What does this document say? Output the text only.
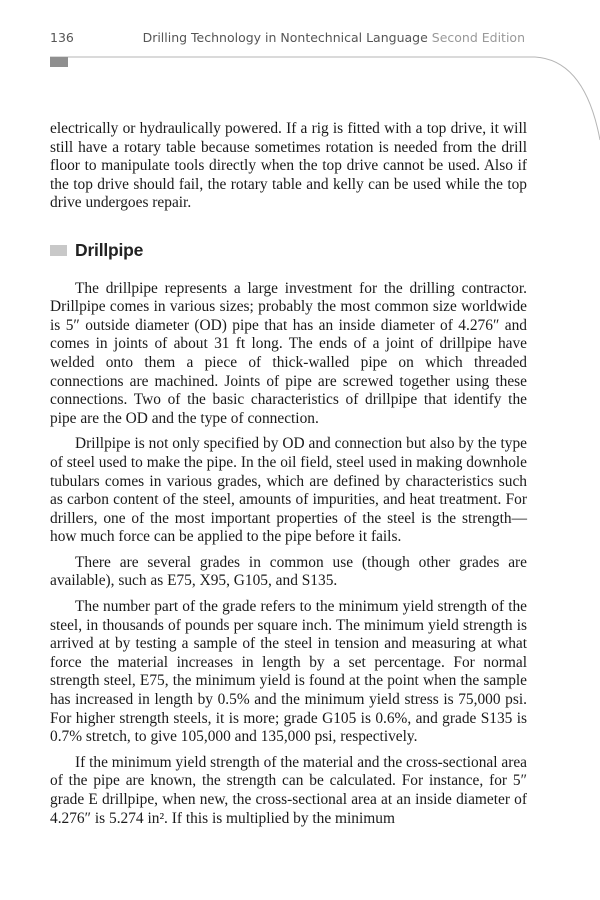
136	Drilling Technology in Nontechnical Language Second Edition

electrically or hydraulically powered. If a rig is fitted with a top drive, it will still have a rotary table because sometimes rotation is needed from the drill floor to manipulate tools directly when the top drive cannot be used. Also if the top drive should fail, the rotary table and kelly can be used while the top drive undergoes repair.

Drillpipe

The drillpipe represents a large investment for the drilling contractor. Drillpipe comes in various sizes; probably the most common size worldwide is 5″ outside diameter (OD) pipe that has an inside diameter of 4.276″ and comes in joints of about 31 ft long. The ends of a joint of drillpipe have welded onto them a piece of thick-walled pipe on which threaded connections are machined. Joints of pipe are screwed together using these connections. Two of the basic characteristics of drillpipe that identify the pipe are the OD and the type of connection.

Drillpipe is not only specified by OD and connection but also by the type of steel used to make the pipe. In the oil field, steel used in making downhole tubulars comes in various grades, which are defined by characteristics such as carbon content of the steel, amounts of impurities, and heat treatment. For drillers, one of the most important properties of the steel is the strength—how much force can be applied to the pipe before it fails.

There are several grades in common use (though other grades are available), such as E75, X95, G105, and S135.

The number part of the grade refers to the minimum yield strength of the steel, in thousands of pounds per square inch. The minimum yield strength is arrived at by testing a sample of the steel in tension and measuring at what force the material increases in length by a set percentage. For normal strength steel, E75, the minimum yield is found at the point when the sample has increased in length by 0.5% and the minimum yield stress is 75,000 psi. For higher strength steels, it is more; grade G105 is 0.6%, and grade S135 is 0.7% stretch, to give 105,000 and 135,000 psi, respectively.

If the minimum yield strength of the material and the cross-sectional area of the pipe are known, the strength can be calculated. For instance, for 5″ grade E drillpipe, when new, the cross-sectional area at an inside diameter of 4.276″ is 5.274 in². If this is multiplied by the minimum
